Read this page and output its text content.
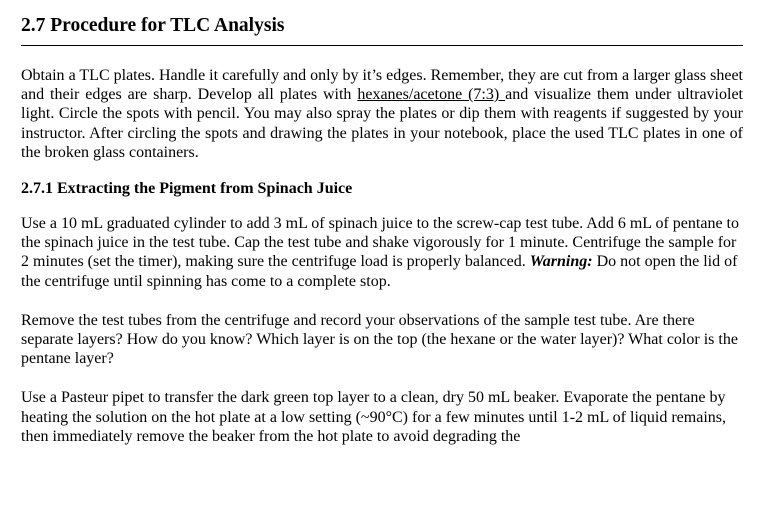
2.7 Procedure for TLC Analysis

Obtain a TLC plates. Handle it carefully and only by it’s edges. Remember, they are cut from a larger glass sheet and their edges are sharp. Develop all plates with hexanes/acetone (7:3) and visualize them under ultraviolet light. Circle the spots with pencil. You may also spray the plates or dip them with reagents if suggested by your instructor. After circling the spots and drawing the plates in your notebook, place the used TLC plates in one of the broken glass containers.

2.7.1 Extracting the Pigment from Spinach Juice

Use a 10 mL graduated cylinder to add 3 mL of spinach juice to the screw-cap test tube. Add 6 mL of pentane to the spinach juice in the test tube. Cap the test tube and shake vigorously for 1 minute. Centrifuge the sample for 2 minutes (set the timer), making sure the centrifuge load is properly balanced. Warning: Do not open the lid of the centrifuge until spinning has come to a complete stop.

Remove the test tubes from the centrifuge and record your observations of the sample test tube. Are there separate layers? How do you know? Which layer is on the top (the hexane or the water layer)? What color is the pentane layer?

Use a Pasteur pipet to transfer the dark green top layer to a clean, dry 50 mL beaker. Evaporate the pentane by heating the solution on the hot plate at a low setting (~90°C) for a few minutes until 1-2 mL of liquid remains, then immediately remove the beaker from the hot plate to avoid degrading the
